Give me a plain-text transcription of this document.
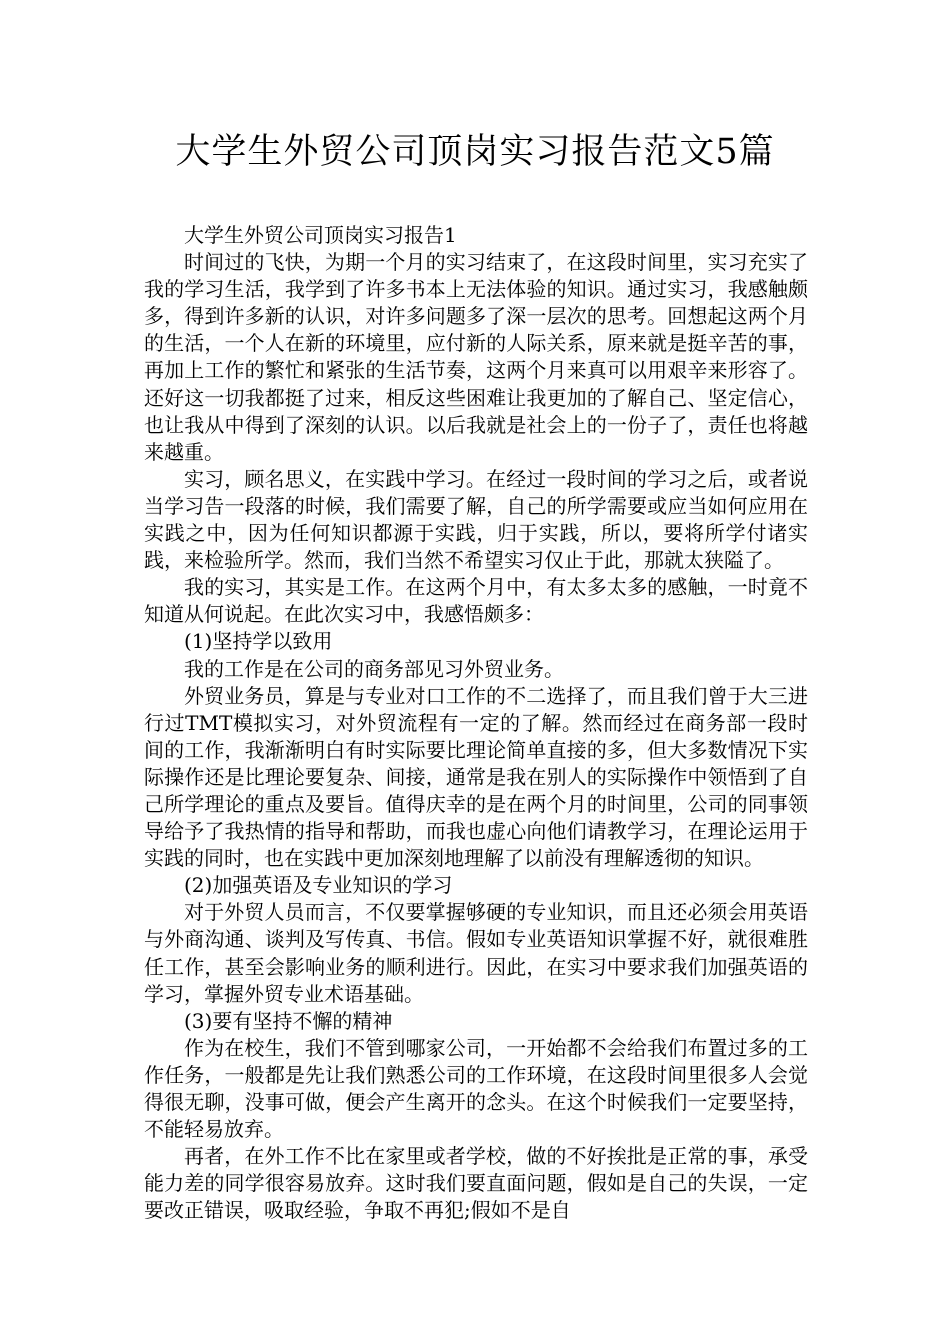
大学生外贸公司顶岗实习报告范文5篇

大学生外贸公司顶岗实习报告1

时间过的飞快，为期一个月的实习结束了，在这段时间里，实习充实了我的学习生活，我学到了许多书本上无法体验的知识。通过实习，我感触颇多，得到许多新的认识，对许多问题多了深一层次的思考。回想起这两个月的生活，一个人在新的环境里，应付新的人际关系，原来就是挺辛苦的事，再加上工作的繁忙和紧张的生活节奏，这两个月来真可以用艰辛来形容了。还好这一切我都挺了过来，相反这些困难让我更加的了解自己、坚定信心，也让我从中得到了深刻的认识。以后我就是社会上的一份子了，责任也将越来越重。

实习，顾名思义，在实践中学习。在经过一段时间的学习之后，或者说当学习告一段落的时候，我们需要了解，自己的所学需要或应当如何应用在实践之中，因为任何知识都源于实践，归于实践，所以，要将所学付诸实践，来检验所学。然而，我们当然不希望实习仅止于此，那就太狭隘了。

我的实习，其实是工作。在这两个月中，有太多太多的感触，一时竟不知道从何说起。在此次实习中，我感悟颇多：

(1)坚持学以致用

我的工作是在公司的商务部见习外贸业务。

外贸业务员，算是与专业对口工作的不二选择了，而且我们曾于大三进行过TMT模拟实习，对外贸流程有一定的了解。然而经过在商务部一段时间的工作，我渐渐明白有时实际要比理论简单直接的多，但大多数情况下实际操作还是比理论要复杂、间接，通常是我在别人的实际操作中领悟到了自己所学理论的重点及要旨。值得庆幸的是在两个月的时间里，公司的同事领导给予了我热情的指导和帮助，而我也虚心向他们请教学习，在理论运用于实践的同时，也在实践中更加深刻地理解了以前没有理解透彻的知识。

(2)加强英语及专业知识的学习

对于外贸人员而言，不仅要掌握够硬的专业知识，而且还必须会用英语与外商沟通、谈判及写传真、书信。假如专业英语知识掌握不好，就很难胜任工作，甚至会影响业务的顺利进行。因此，在实习中要求我们加强英语的学习，掌握外贸专业术语基础。

(3)要有坚持不懈的精神

作为在校生，我们不管到哪家公司，一开始都不会给我们布置过多的工作任务，一般都是先让我们熟悉公司的工作环境，在这段时间里很多人会觉得很无聊，没事可做，便会产生离开的念头。在这个时候我们一定要坚持，不能轻易放弃。

再者，在外工作不比在家里或者学校，做的不好挨批是正常的事，承受能力差的同学很容易放弃。这时我们要直面问题，假如是自己的失误，一定要改正错误，吸取经验，争取不再犯;假如不是自
